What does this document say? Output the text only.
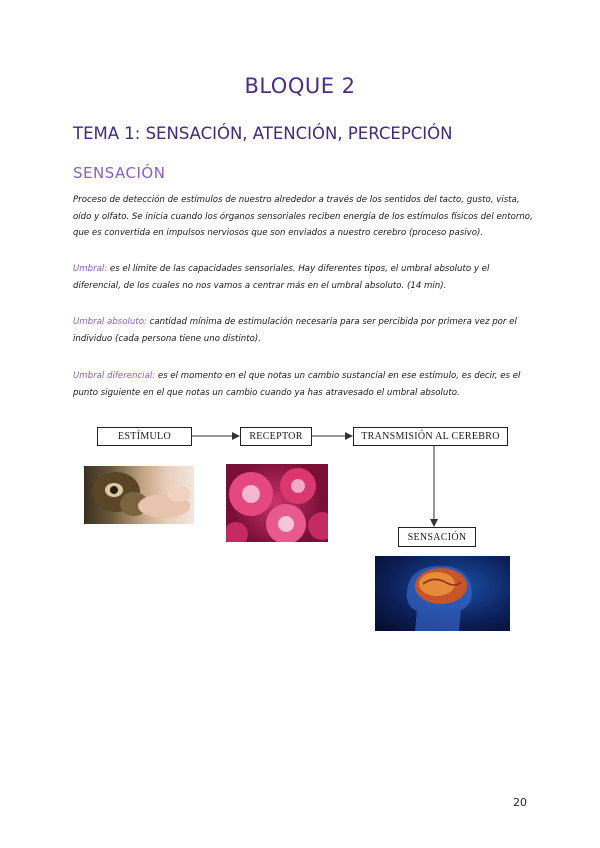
BLOQUE 2
TEMA 1: SENSACIÓN, ATENCIÓN, PERCEPCIÓN
SENSACIÓN
Proceso de detección de estímulos de nuestro alrededor a través de los sentidos del tacto, gusto, vista, oído y olfato. Se inicia cuando los órganos sensoriales reciben energía de los estímulos físicos del entorno, que es convertida en impulsos nerviosos que son enviados a nuestro cerebro (proceso pasivo).
Umbral: es el límite de las capacidades sensoriales. Hay diferentes tipos, el umbral absoluto y el diferencial, de los cuales no nos vamos a centrar más en el umbral absoluto. (14 min).
Umbral absoluto: cantidad mínima de estimulación necesaria para ser percibida por primera vez por el individuo (cada persona tiene uno distinto).
Umbral diferencial: es el momento en el que notas un cambio sustancial en ese estímulo, es decir, es el punto siguiente en el que notas un cambio cuando ya has atravesado el umbral absoluto.
ESTÍMULO	RECEPTOR	TRANSMISIÓN AL CEREBRO
SENSACIÓN
20
